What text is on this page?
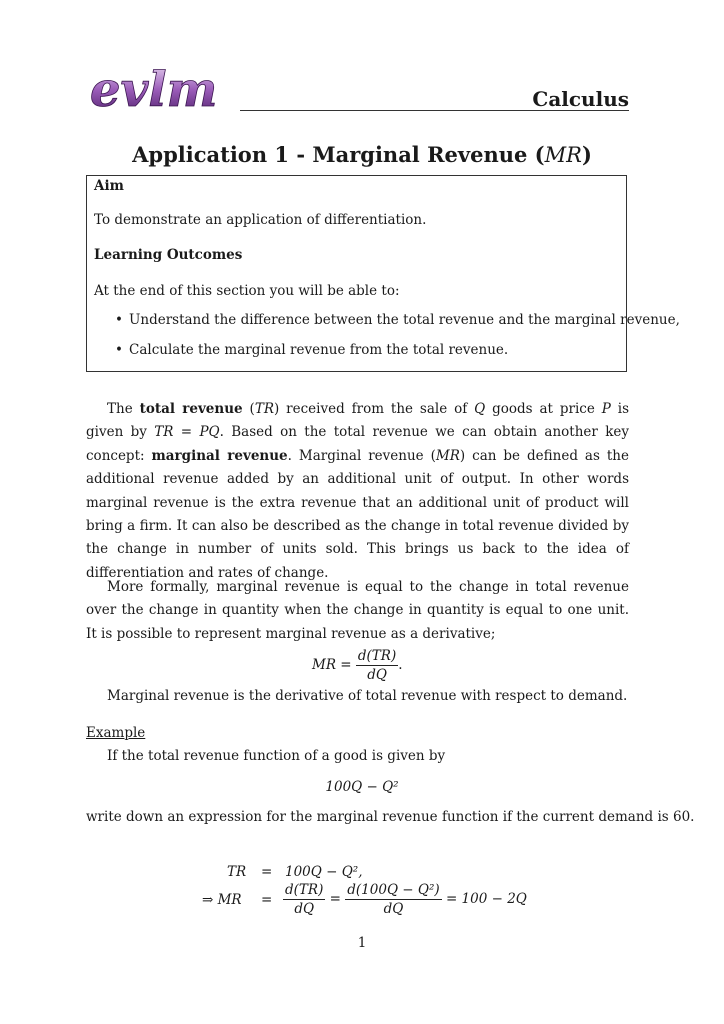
evlm	Calculus
Application 1 - Marginal Revenue (MR)
Aim
To demonstrate an application of differentiation.
Learning Outcomes
At the end of this section you will be able to:
• Understand the difference between the total revenue and the marginal revenue,
• Calculate the marginal revenue from the total revenue.

The total revenue (TR) received from the sale of Q goods at price P is given by TR = PQ. Based on the total revenue we can obtain another key concept: marginal revenue. Marginal revenue (MR) can be defined as the additional revenue added by an additional unit of output. In other words marginal revenue is the extra revenue that an additional unit of product will bring a firm. It can also be described as the change in total revenue divided by the change in number of units sold. This brings us back to the idea of differentiation and rates of change.

More formally, marginal revenue is equal to the change in total revenue over the change in quantity when the change in quantity is equal to one unit. It is possible to represent marginal revenue as a derivative;

MR = $\frac{d(TR)}{dQ}$ .

Marginal revenue is the derivative of total revenue with respect to demand.

Example
If the total revenue function of a good is given by
100Q − Q²
write down an expression for the marginal revenue function if the current demand is 60.
TR = 100Q − Q²,
⇒ MR = $\frac{d(TR)}{dQ} = \frac{\text{d(100Q − Q²)}}{dQ} = 100 - 2Q$
1
